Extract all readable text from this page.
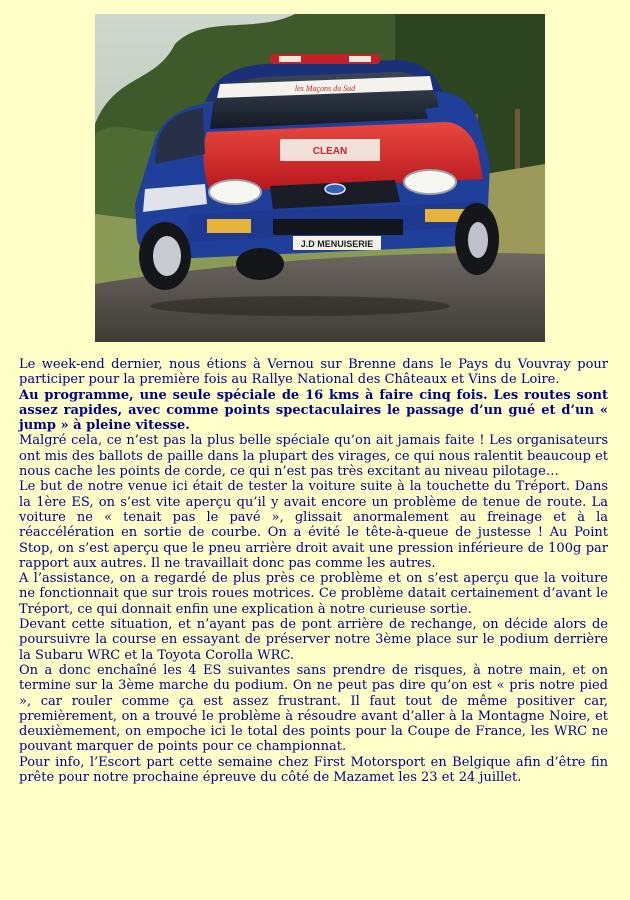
les Maçons du Sud
CLEAN
J.D MENUISERIE

Le week-end dernier, nous étions à Vernou sur Brenne dans le Pays du Vouvray pour participer pour la première fois au Rallye National des Châteaux et Vins de Loire.

Au programme, une seule spéciale de 16 kms à faire cinq fois. Les routes sont assez rapides, avec comme points spectaculaires le passage d’un gué et d’un « jump » à pleine vitesse.

Malgré cela, ce n’est pas la plus belle spéciale qu’on ait jamais faite ! Les organisateurs ont mis des ballots de paille dans la plupart des virages, ce qui nous ralentit beaucoup et nous cache les points de corde, ce qui n’est pas très excitant au niveau pilotage…

Le but de notre venue ici était de tester la voiture suite à la touchette du Tréport. Dans la 1ère ES, on s’est vite aperçu qu’il y avait encore un problème de tenue de route. La voiture ne « tenait pas le pavé », glissait anormalement au freinage et à la réaccélération en sortie de courbe. On a évité le tête-à-queue de justesse ! Au Point Stop, on s’est aperçu que le pneu arrière droit avait une pression inférieure de 100g par rapport aux autres. Il ne travaillait donc pas comme les autres.

A l’assistance, on a regardé de plus près ce problème et on s’est aperçu que la voiture ne fonctionnait que sur trois roues motrices. Ce problème datait certainement d’avant le Tréport, ce qui donnait enfin une explication à notre curieuse sortie.

Devant cette situation, et n’ayant pas de pont arrière de rechange, on décide alors de poursuivre la course en essayant de préserver notre 3ème place sur le podium derrière la Subaru WRC et la Toyota Corolla WRC.

On a donc enchaîné les 4 ES suivantes sans prendre de risques, à notre main, et on termine sur la 3ème marche du podium. On ne peut pas dire qu’on est « pris notre pied », car rouler comme ça est assez frustrant. Il faut tout de même positiver car, premièrement, on a trouvé le problème à résoudre avant d’aller à la Montagne Noire, et deuxièmement, on empoche ici le total des points pour la Coupe de France, les WRC ne pouvant marquer de points pour ce championnat.

Pour info, l’Escort part cette semaine chez First Motorsport en Belgique afin d’être fin prête pour notre prochaine épreuve du côté de Mazamet les 23 et 24 juillet.
